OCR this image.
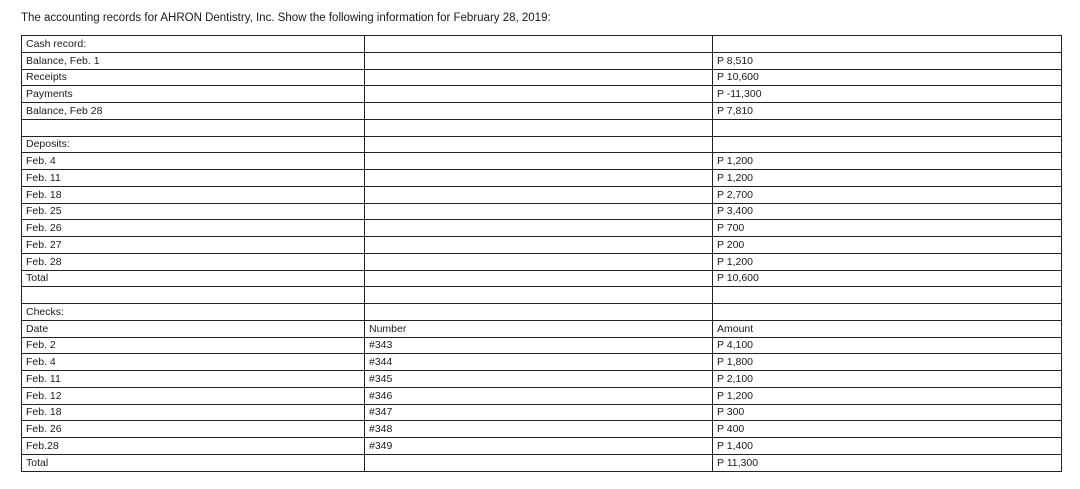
The accounting records for AHRON Dentistry, Inc. Show the following information for February 28, 2019:
Cash record:		
Balance, Feb. 1		P 8,510
Receipts		P 10,600
Payments		P -11,300
Balance, Feb 28		P 7,810

Deposits:		
Feb. 4		P 1,200
Feb. 11		P 1,200
Feb. 18		P 2,700
Feb. 25		P 3,400
Feb. 26		P 700
Feb. 27		P 200
Feb. 28		P 1,200
Total		P 10,600

Checks:		
Date	Number	Amount
Feb. 2	#343	P 4,100
Feb. 4	#344	P 1,800
Feb. 11	#345	P 2,100
Feb. 12	#346	P 1,200
Feb. 18	#347	P 300
Feb. 26	#348	P 400
Feb.28	#349	P 1,400
Total		P 11,300
